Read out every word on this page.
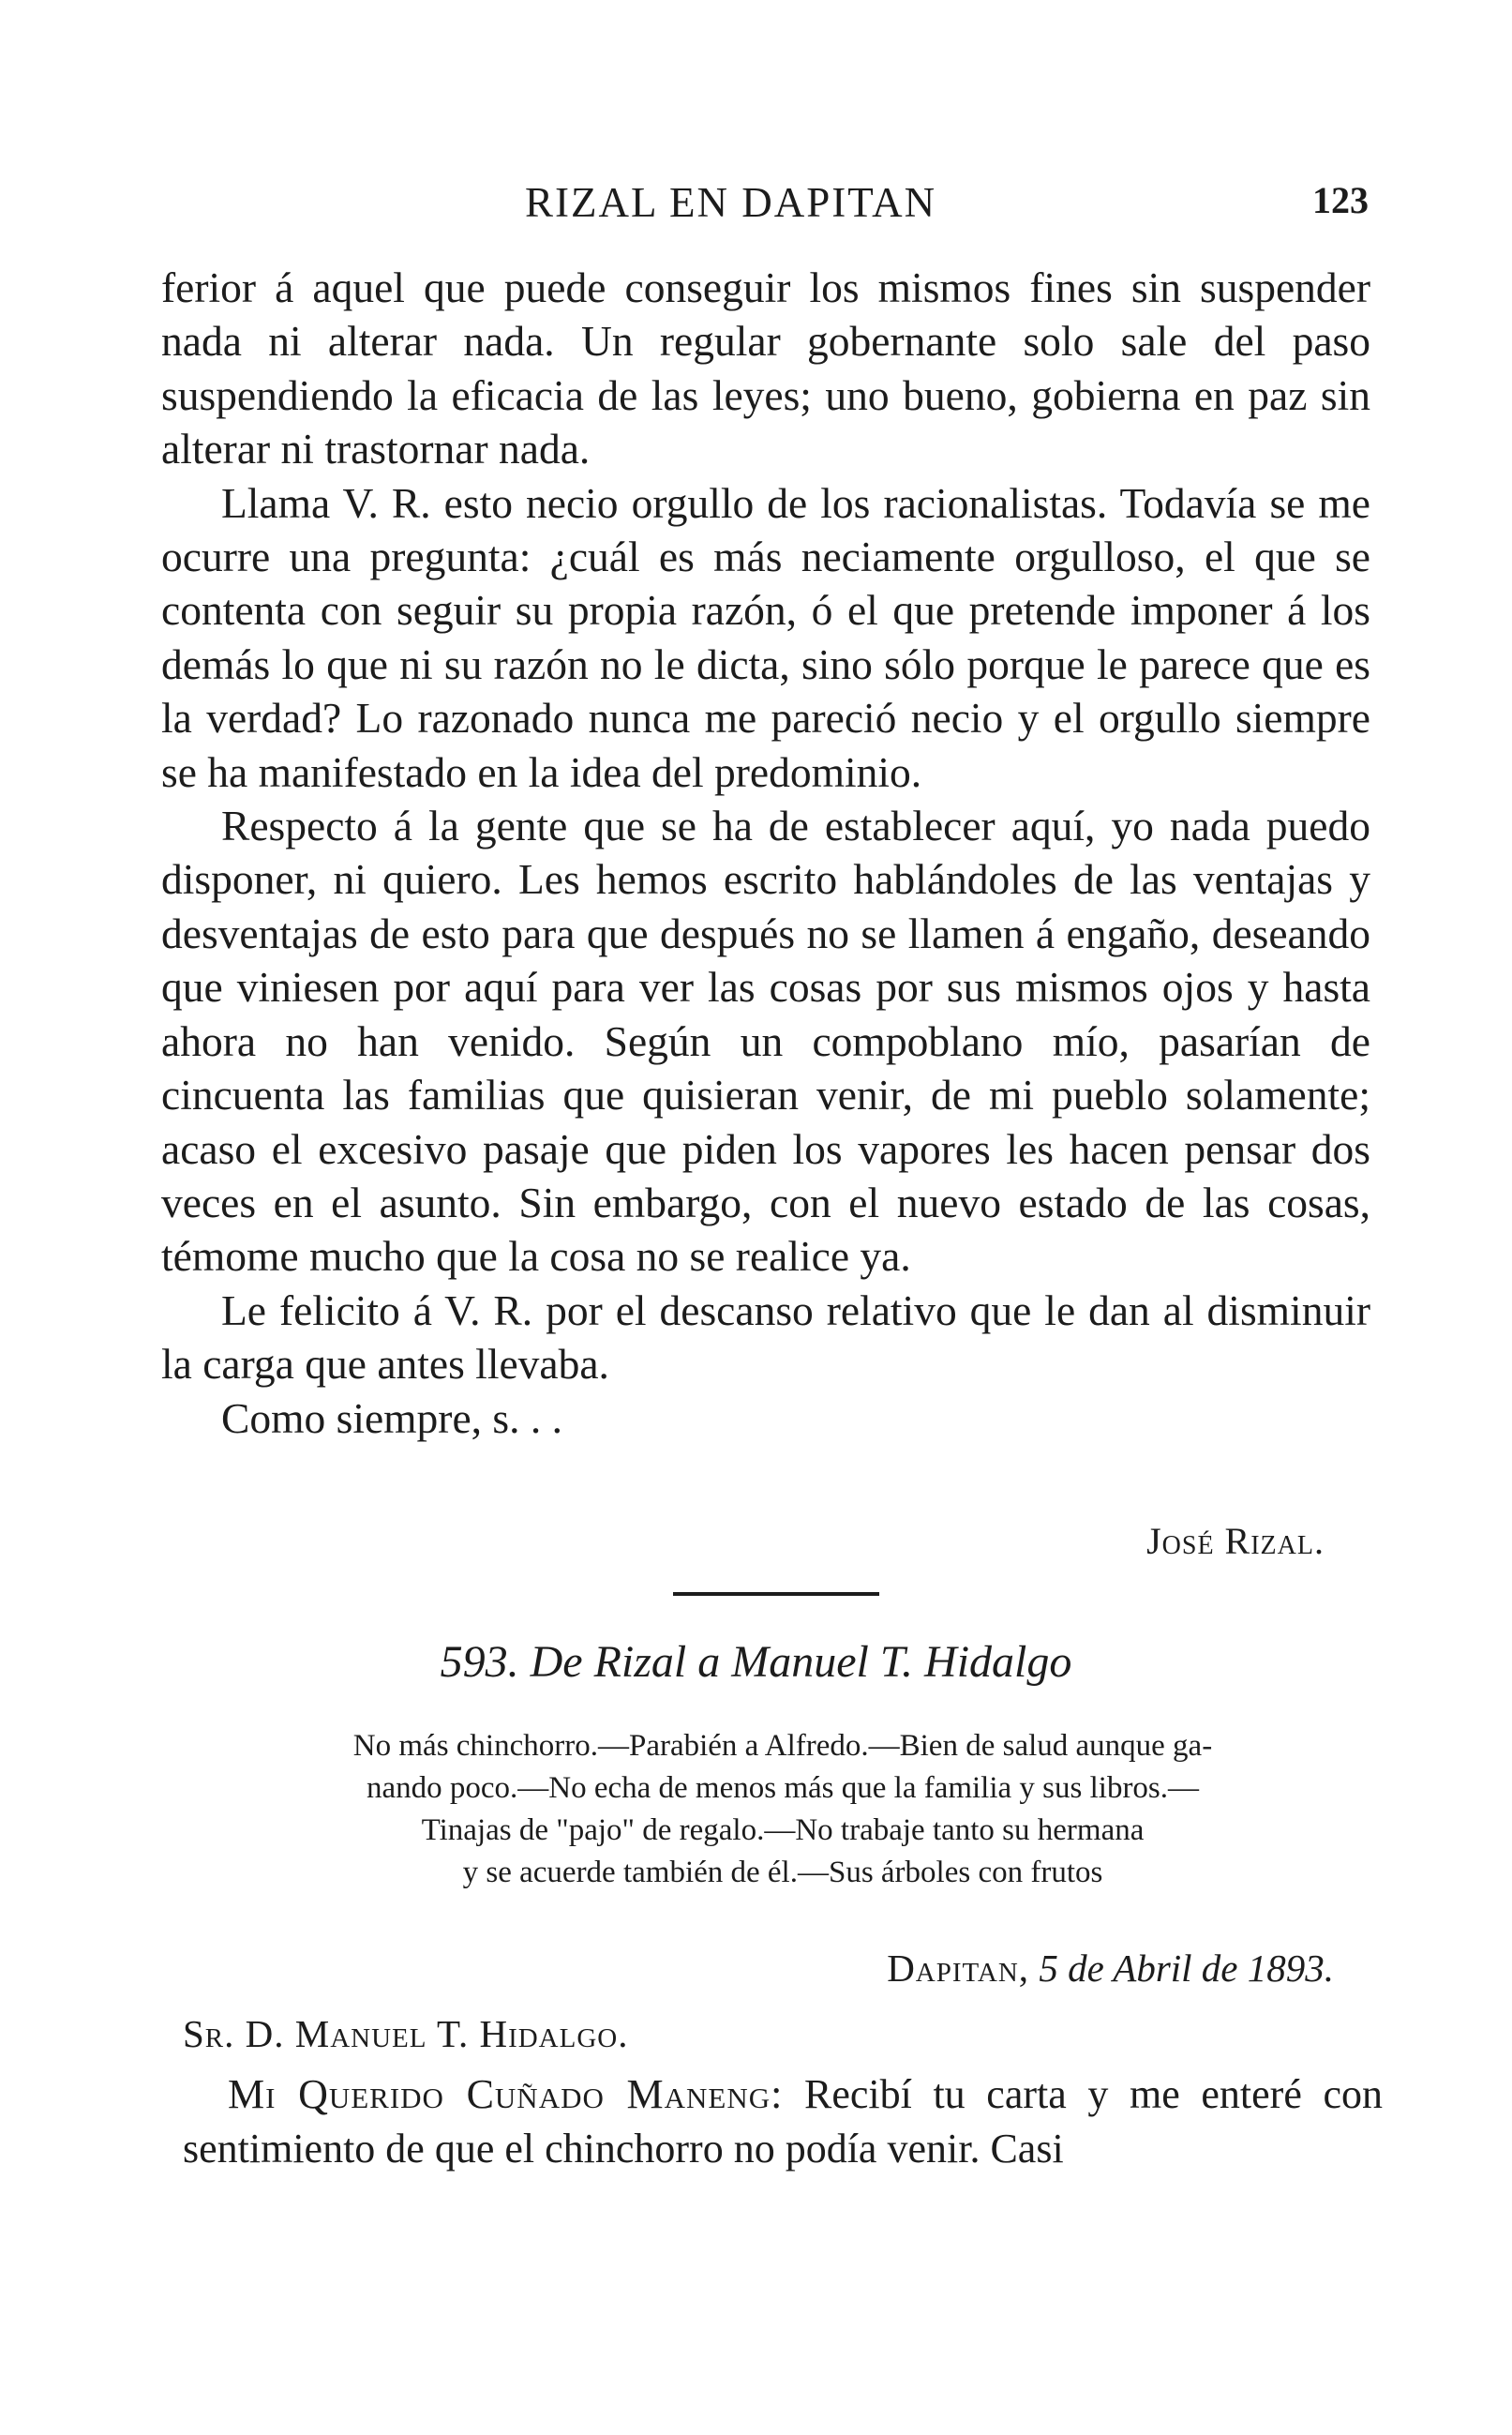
RIZAL EN DAPITAN	123

ferior á aquel que puede conseguir los mismos fines sin suspender nada ni alterar nada. Un regular gobernante solo sale del paso suspendiendo la eficacia de las leyes; uno bueno, gobierna en paz sin alterar ni trastornar nada.

Llama V. R. esto necio orgullo de los racionalistas. Todavía se me ocurre una pregunta: ¿cuál es más neciamente orgulloso, el que se contenta con seguir su propia razón, ó el que pretende imponer á los demás lo que ni su razón no le dicta, sino sólo porque le parece que es la verdad? Lo razonado nunca me pareció necio y el orgullo siempre se ha manifestado en la idea del predominio.

Respecto á la gente que se ha de establecer aquí, yo nada puedo disponer, ni quiero. Les hemos escrito hablándoles de las ventajas y desventajas de esto para que después no se llamen á engaño, deseando que viniesen por aquí para ver las cosas por sus mismos ojos y hasta ahora no han venido. Según un compoblano mío, pasarían de cincuenta las familias que quisieran venir, de mi pueblo solamente; acaso el excesivo pasaje que piden los vapores les hacen pensar dos veces en el asunto. Sin embargo, con el nuevo estado de las cosas, témome mucho que la cosa no se realice ya.

Le felicito á V. R. por el descanso relativo que le dan al disminuir la carga que antes llevaba.

Como siempre, s. . .

José Rizal.
593. De Rizal a Manuel T. Hidalgo

No más chinchorro.—Parabién a Alfredo.—Bien de salud aunque ga-

nando poco.—No echa de menos más que la familia y sus libros.—

Tinajas de "pajo" de regalo.—No trabaje tanto su hermana

y se acuerde también de él.—Sus árboles con frutos

Dapitan, 5 de Abril de 1893.
Sr. D. Manuel T. Hidalgo.

Mi Querido Cuñado Maneng: Recibí tu carta y me enteré con sentimiento de que el chinchorro no podía venir. Casi
